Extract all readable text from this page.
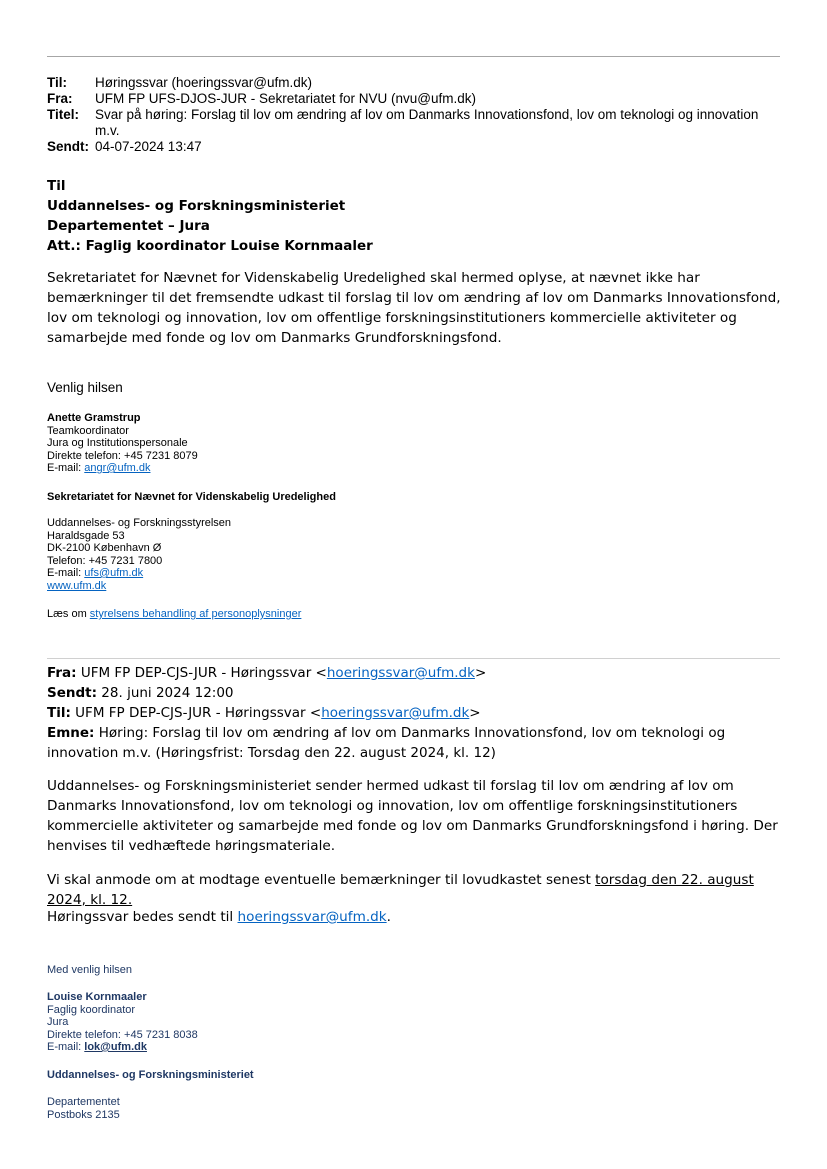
Til:	Høringssvar (hoeringssvar@ufm.dk)
Fra:	UFM FP UFS-DJOS-JUR - Sekretariatet for NVU (nvu@ufm.dk)
Titel:	Svar på høring: Forslag til lov om ændring af lov om Danmarks Innovationsfond, lov om teknologi og innovation m.v.
Sendt: 04-07-2024 13:47
Til
Uddannelses- og Forskningsministeriet
Departementet – Jura
Att.: Faglig koordinator Louise Kornmaaler
Sekretariatet for Nævnet for Videnskabelig Uredelighed skal hermed oplyse, at nævnet ikke har bemærkninger til det fremsendte udkast til forslag til lov om ændring af lov om Danmarks Innovationsfond, lov om teknologi og innovation, lov om offentlige forskningsinstitutioners kommercielle aktiviteter og samarbejde med fonde og lov om Danmarks Grundforskningsfond.
Venlig hilsen
Anette Gramstrup
Teamkoordinator
Jura og Institutionspersonale
Direkte telefon: +45 7231 8079
E-mail: angr@ufm.dk
Sekretariatet for Nævnet for Videnskabelig Uredelighed
Uddannelses- og Forskningsstyrelsen
Haraldsgade 53
DK-2100 København Ø
Telefon: +45 7231 7800
E-mail: ufs@ufm.dk
www.ufm.dk
Læs om styrelsens behandling af personoplysninger
Fra: UFM FP DEP-CJS-JUR - Høringssvar <hoeringssvar@ufm.dk>
Sendt: 28. juni 2024 12:00
Til: UFM FP DEP-CJS-JUR - Høringssvar <hoeringssvar@ufm.dk>
Emne: Høring: Forslag til lov om ændring af lov om Danmarks Innovationsfond, lov om teknologi og innovation m.v. (Høringsfrist: Torsdag den 22. august 2024, kl. 12)
Uddannelses- og Forskningsministeriet sender hermed udkast til forslag til lov om ændring af lov om Danmarks Innovationsfond, lov om teknologi og innovation, lov om offentlige forskningsinstitutioners kommercielle aktiviteter og samarbejde med fonde og lov om Danmarks Grundforskningsfond i høring. Der henvises til vedhæftede høringsmateriale.
Vi skal anmode om at modtage eventuelle bemærkninger til lovudkastet senest torsdag den 22. august 2024, kl. 12.
Høringssvar bedes sendt til hoeringssvar@ufm.dk.
Med venlig hilsen
Louise Kornmaaler
Faglig koordinator
Jura
Direkte telefon: +45 7231 8038
E-mail: lok@ufm.dk
Uddannelses- og Forskningsministeriet
Departementet
Postboks 2135
